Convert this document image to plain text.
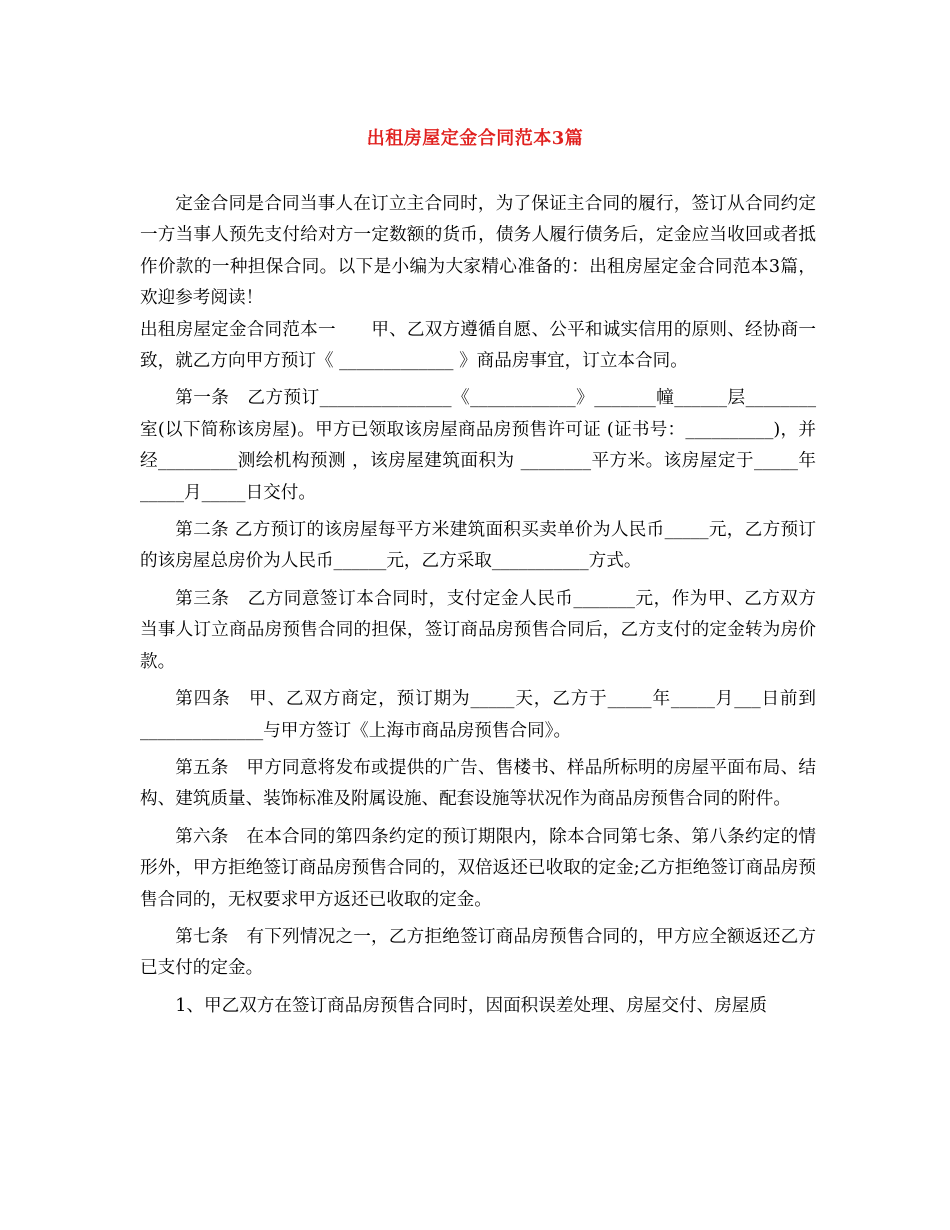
出租房屋定金合同范本3篇

定金合同是合同当事人在订立主合同时，为了保证主合同的履行，签订从合同约定一方当事人预先支付给对方一定数额的货币，债务人履行债务后，定金应当收回或者抵作价款的一种担保合同。以下是小编为大家精心准备的：出租房屋定金合同范本3篇，欢迎参考阅读！

出租房屋定金合同范本一　　甲、乙双方遵循自愿、公平和诚实信用的原则、经协商一致，就乙方向甲方预订《 _____________ 》商品房事宜，订立本合同。

第一条　乙方预订_______________《____________》_______幢______层________室(以下简称该房屋)。甲方已领取该房屋商品房预售许可证 (证书号：__________)，并经_________测绘机构预测 ，该房屋建筑面积为 ________平方米。该房屋定于_____年_____月_____日交付。

第二条 乙方预订的该房屋每平方米建筑面积买卖单价为人民币_____元，乙方预订的该房屋总房价为人民币______元，乙方采取___________方式。

第三条　乙方同意签订本合同时，支付定金人民币_______元，作为甲、乙方双方当事人订立商品房预售合同的担保，签订商品房预售合同后，乙方支付的定金转为房价款。

第四条　甲、乙双方商定，预订期为_____天，乙方于_____年_____月___日前到______________与甲方签订《上海市商品房预售合同》。

第五条　甲方同意将发布或提供的广告、售楼书、样品所标明的房屋平面布局、结构、建筑质量、装饰标准及附属设施、配套设施等状况作为商品房预售合同的附件。

第六条　在本合同的第四条约定的预订期限内，除本合同第七条、第八条约定的情形外，甲方拒绝签订商品房预售合同的，双倍返还已收取的定金;乙方拒绝签订商品房预售合同的，无权要求甲方返还已收取的定金。

第七条　有下列情况之一，乙方拒绝签订商品房预售合同的，甲方应全额返还乙方已支付的定金。

1、甲乙双方在签订商品房预售合同时，因面积误差处理、房屋交付、房屋质
